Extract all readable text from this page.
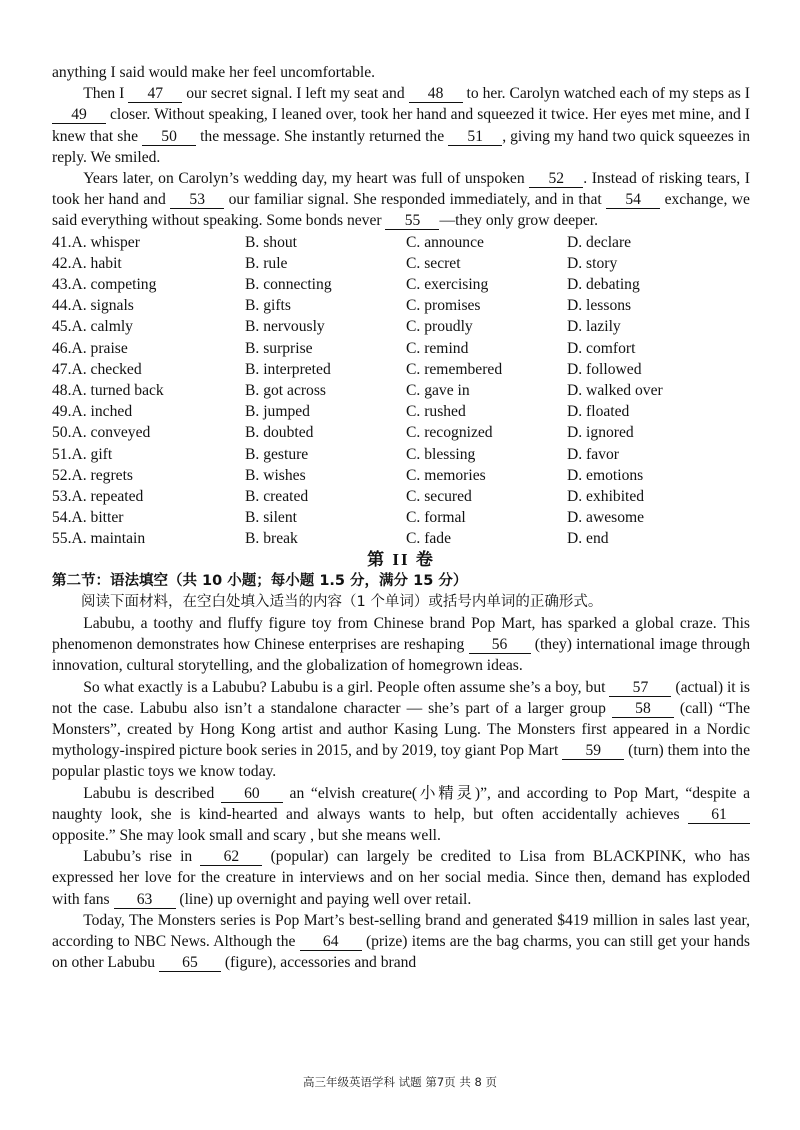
anything I said would make her feel uncomfortable.

Then I 47 our secret signal. I left my seat and 48 to her. Carolyn watched each of my steps as I 49 closer. Without speaking, I leaned over, took her hand and squeezed it twice. Her eyes met mine, and I knew that she 50 the message. She instantly returned the 51 , giving my hand two quick squeezes in reply. We smiled.

Years later, on Carolyn’s wedding day, my heart was full of unspoken 52 . Instead of risking tears, I took her hand and 53 our familiar signal. She responded immediately, and in that 54 exchange, we said everything without speaking. Some bonds never 55 —they only grow deeper.

41.A. whisper	B. shout	C. announce	D. declare
42.A. habit	B. rule	C. secret	D. story
43.A. competing	B. connecting	C. exercising	D. debating
44.A. signals	B. gifts	C. promises	D. lessons
45.A. calmly	B. nervously	C. proudly	D. lazily
46.A. praise	B. surprise	C. remind	D. comfort
47.A. checked	B. interpreted	C. remembered	D. followed
48.A. turned back	B. got across	C. gave in	D. walked over
49.A. inched	B. jumped	C. rushed	D. floated
50.A. conveyed	B. doubted	C. recognized	D. ignored
51.A. gift	B. gesture	C. blessing	D. favor
52.A. regrets	B. wishes	C. memories	D. emotions
53.A. repeated	B. created	C. secured	D. exhibited
54.A. bitter	B. silent	C. formal	D. awesome
55.A. maintain	B. break	C. fade	D. end

第 II 卷

第二节：语法填空（共 10 小题；每小题 1.5 分，满分 15 分）

阅读下面材料，在空白处填入适当的内容（1 个单词）或括号内单词的正确形式。

Labubu, a toothy and fluffy figure toy from Chinese brand Pop Mart, has sparked a global craze. This phenomenon demonstrates how Chinese enterprises are reshaping 56 (they) international image through innovation, cultural storytelling, and the globalization of homegrown ideas.

So what exactly is a Labubu? Labubu is a girl. People often assume she’s a boy, but 57 (actual) it is not the case. Labubu also isn’t a standalone character — she’s part of a larger group 58 (call) “The Monsters”, created by Hong Kong artist and author Kasing Lung. The Monsters first appeared in a Nordic mythology-inspired picture book series in 2015, and by 2019, toy giant Pop Mart 59 (turn) them into the popular plastic toys we know today.

Labubu is described 60 an “elvish creature(小精灵)”, and according to Pop Mart, “despite a naughty look, she is kind-hearted and always wants to help, but often accidentally achieves 61 opposite.” She may look small and scary , but she means well.

Labubu’s rise in 62 (popular) can largely be credited to Lisa from BLACKPINK, who has expressed her love for the creature in interviews and on her social media. Since then, demand has exploded with fans 63 (line) up overnight and paying well over retail.

Today, The Monsters series is Pop Mart’s best-selling brand and generated $419 million in sales last year, according to NBC News. Although the 64 (prize) items are the bag charms, you can still get your hands on other Labubu 65 (figure), accessories and brand

高三年级英语学科 试题 第7页 共 8 页
